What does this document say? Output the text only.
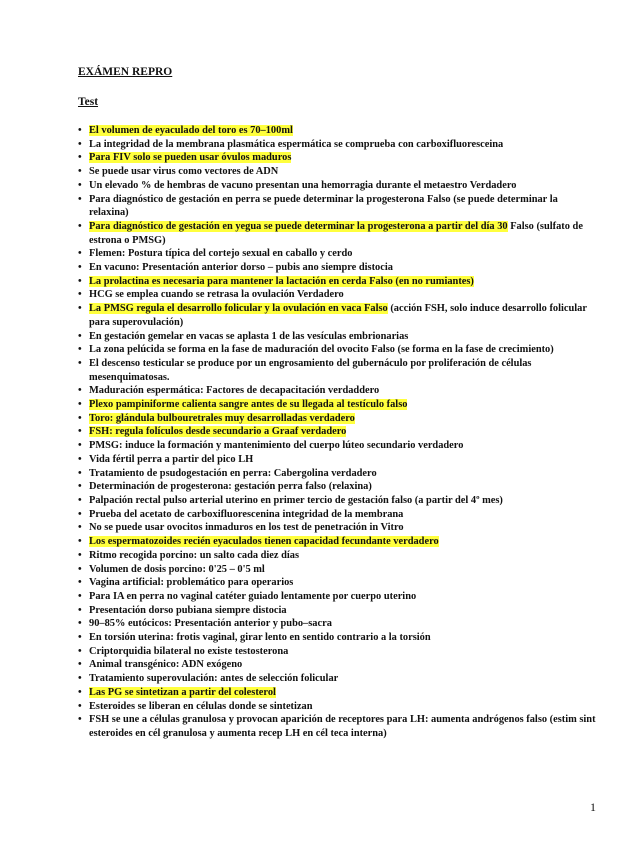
EXÁMEN REPRO
Test
• El volumen de eyaculado del toro es 70–100ml
• La integridad de la membrana plasmática espermática se comprueba con carboxifluoresceina
• Para FIV solo se pueden usar óvulos maduros
• Se puede usar virus como vectores de ADN
• Un elevado % de hembras de vacuno presentan una hemorragia durante el metaestro Verdadero
• Para diagnóstico de gestación en perra se puede determinar la progesterona Falso (se puede determinar la relaxina)
• Para diagnóstico de gestación en yegua se puede determinar la progesterona a partir del día 30 Falso (sulfato de estrona o PMSG)
• Flemen: Postura típica del cortejo sexual en caballo y cerdo
• En vacuno: Presentación anterior dorso – pubis ano siempre distocia
• La prolactina es necesaria para mantener la lactación en cerda Falso (en no rumiantes)
• HCG se emplea cuando se retrasa la ovulación Verdadero
• La PMSG regula el desarrollo folicular y la ovulación en vaca Falso (acción FSH, solo induce desarrollo folicular para superovulación)
• En gestación gemelar en vacas se aplasta 1 de las vesículas embrionarias
• La zona pelúcida se forma en la fase de maduración del ovocito Falso (se forma en la fase de crecimiento)
• El descenso testicular se produce por un engrosamiento del gubernáculo por proliferación de células mesenquimatosas.
• Maduración espermática: Factores de decapacitación verdaddero
• Plexo pampiniforme calienta sangre antes de su llegada al testículo falso
• Toro: glándula bulbouretrales muy desarrolladas verdadero
• FSH: regula folículos desde secundario a Graaf verdadero
• PMSG: induce la formación y mantenimiento del cuerpo lúteo secundario verdadero
• Vida fértil perra a partir del pico LH
• Tratamiento de psudogestación en perra: Cabergolina verdadero
• Determinación de progesterona: gestación perra falso (relaxina)
• Palpación rectal pulso arterial uterino en primer tercio de gestación falso (a partir del 4º mes)
• Prueba del acetato de carboxifluorescenina integridad de la membrana
• No se puede usar ovocitos inmaduros en los test de penetración in Vitro
• Los espermatozoides recién eyaculados tienen capacidad fecundante verdadero
• Ritmo recogida porcino: un salto cada diez días
• Volumen de dosis porcino: 0'25 – 0'5 ml
• Vagina artificial: problemático para operarios
• Para IA en perra no vaginal catéter guiado lentamente por cuerpo uterino
• Presentación dorso pubiana siempre distocia
• 90–85% eutócicos: Presentación anterior y pubo–sacra
• En torsión uterina: frotis vaginal, girar lento en sentido contrario a la torsión
• Criptorquidia bilateral no existe testosterona
• Animal transgénico: ADN exógeno
• Tratamiento superovulación: antes de selección folicular
• Las PG se sintetizan a partir del colesterol
• Esteroides se liberan en células donde se sintetizan
• FSH se une a células granulosa y provocan aparición de receptores para LH: aumenta andrógenos falso (estim sint esteroides en cél granulosa y aumenta recep LH en cél teca interna)
1
